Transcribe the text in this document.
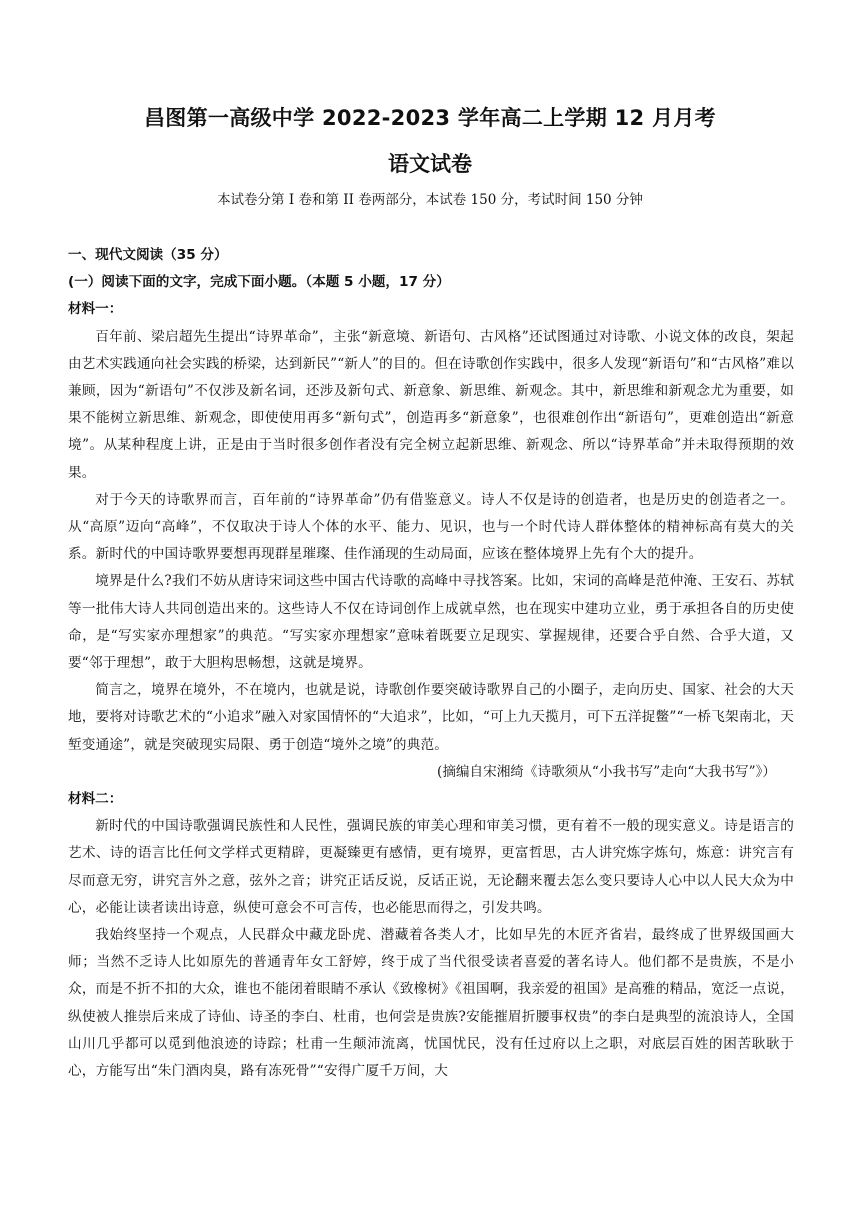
昌图第一高级中学 2022-2023 学年高二上学期 12 月月考
语文试卷
本试卷分第 I 卷和第 II 卷两部分，本试卷 150 分，考试时间 150 分钟

一、现代文阅读（35 分）

(一）阅读下面的文字，完成下面小题。（本题 5 小题，17 分）

材料一：

百年前、梁启超先生提出“诗界革命”，主张“新意境、新语句、古风格”还试图通过对诗歌、小说文体的改良，架起由艺术实践通向社会实践的桥梁，达到新民”“新人”的目的。但在诗歌创作实践中，很多人发现“新语句”和“古风格”难以兼顾，因为“新语句”不仅涉及新名词，还涉及新句式、新意象、新思维、新观念。其中，新思维和新观念尤为重要，如果不能树立新思维、新观念，即使使用再多“新句式”，创造再多“新意象”，也很难创作出“新语句”，更难创造出“新意境”。从某种程度上讲，正是由于当时很多创作者没有完全树立起新思维、新观念、所以“诗界革命”并未取得预期的效果。

对于今天的诗歌界而言，百年前的“诗界革命”仍有借鉴意义。诗人不仅是诗的创造者，也是历史的创造者之一。从“高原”迈向“高峰”，不仅取决于诗人个体的水平、能力、见识，也与一个时代诗人群体整体的精神标高有莫大的关系。新时代的中国诗歌界要想再现群星璀璨、佳作涌现的生动局面，应该在整体境界上先有个大的提升。

境界是什么?我们不妨从唐诗宋词这些中国古代诗歌的高峰中寻找答案。比如，宋词的高峰是范仲淹、王安石、苏轼等一批伟大诗人共同创造出来的。这些诗人不仅在诗词创作上成就卓然，也在现实中建功立业，勇于承担各自的历史使命，是“写实家亦理想家”的典范。“写实家亦理想家”意味着既要立足现实、掌握规律，还要合乎自然、合乎大道，又要“邻于理想”，敢于大胆构思畅想，这就是境界。

简言之，境界在境外，不在境内，也就是说，诗歌创作要突破诗歌界自己的小圈子，走向历史、国家、社会的大天地，要将对诗歌艺术的“小追求”融入对家国情怀的“大追求”，比如，“可上九天揽月，可下五洋捉鳖”“一桥飞架南北，天堑变通途”，就是突破现实局限、勇于创造“境外之境”的典范。

(摘编自宋湘绮《诗歌须从“小我书写”走向“大我书写”》）

材料二：

新时代的中国诗歌强调民族性和人民性，强调民族的审美心理和审美习惯，更有着不一般的现实意义。诗是语言的艺术、诗的语言比任何文学样式更精辟，更凝臻更有感情，更有境界，更富哲思，古人讲究炼字炼句，炼意：讲究言有尽而意无穷，讲究言外之意，弦外之音；讲究正话反说，反话正说，无论翻来覆去怎么变只要诗人心中以人民大众为中心，必能让读者读出诗意，纵使可意会不可言传，也必能思而得之，引发共鸣。

我始终坚持一个观点，人民群众中藏龙卧虎、潜藏着各类人才，比如早先的木匠齐省岩，最终成了世界级国画大师；当然不乏诗人比如原先的普通青年女工舒婷，终于成了当代很受读者喜爱的著名诗人。他们都不是贵族，不是小众，而是不折不扣的大众，谁也不能闭着眼睛不承认《致橡树》《祖国啊，我亲爱的祖国》是高雅的精品，宽泛一点说，纵使被人推崇后来成了诗仙、诗圣的李白、杜甫，也何尝是贵族?安能摧眉折腰事权贵”的李白是典型的流浪诗人，全国山川几乎都可以觅到他浪迹的诗踪；杜甫一生颠沛流离，忧国忧民，没有任过府以上之职，对底层百姓的困苦耿耿于心，方能写出“朱门酒肉臭，路有冻死骨”“安得广厦千万间，大
